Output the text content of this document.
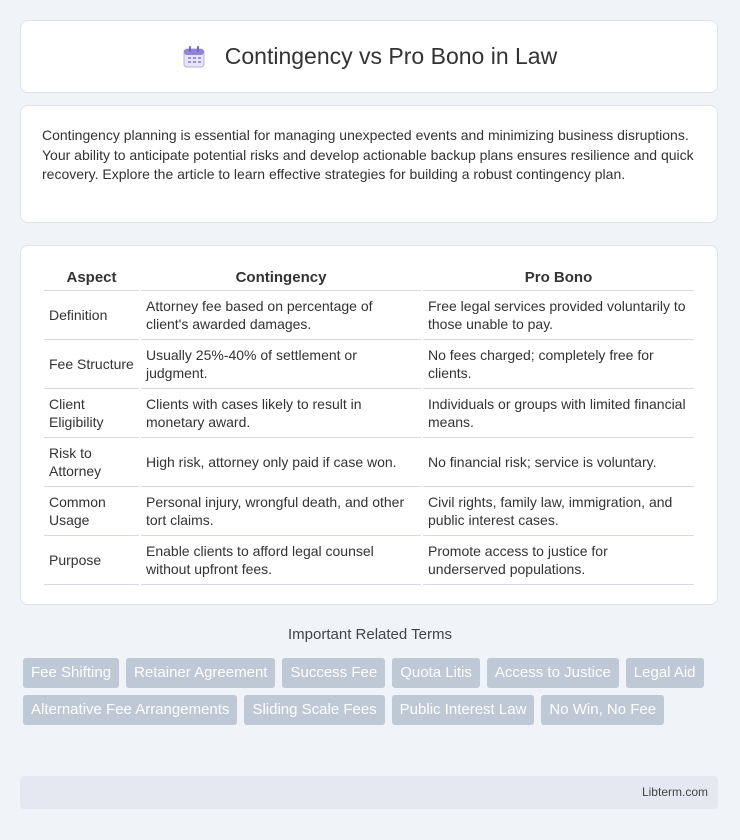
Contingency vs Pro Bono in Law

Contingency planning is essential for managing unexpected events and minimizing business disruptions. Your ability to anticipate potential risks and develop actionable backup plans ensures resilience and quick recovery. Explore the article to learn effective strategies for building a robust contingency plan.

Aspect	Contingency	Pro Bono
Definition	Attorney fee based on percentage of client's awarded damages.	Free legal services provided voluntarily to those unable to pay.
Fee Structure	Usually 25%-40% of settlement or judgment.	No fees charged; completely free for clients.
Client Eligibility	Clients with cases likely to result in monetary award.	Individuals or groups with limited financial means.
Risk to Attorney	High risk, attorney only paid if case won.	No financial risk; service is voluntary.
Common Usage	Personal injury, wrongful death, and other tort claims.	Civil rights, family law, immigration, and public interest cases.
Purpose	Enable clients to afford legal counsel without upfront fees.	Promote access to justice for underserved populations.
Important Related Terms
Fee Shifting	Retainer Agreement	Success Fee	Quota Litis	Access to Justice	Legal Aid
Alternative Fee Arrangements	Sliding Scale Fees	Public Interest Law	No Win, No Fee
Libterm.com
